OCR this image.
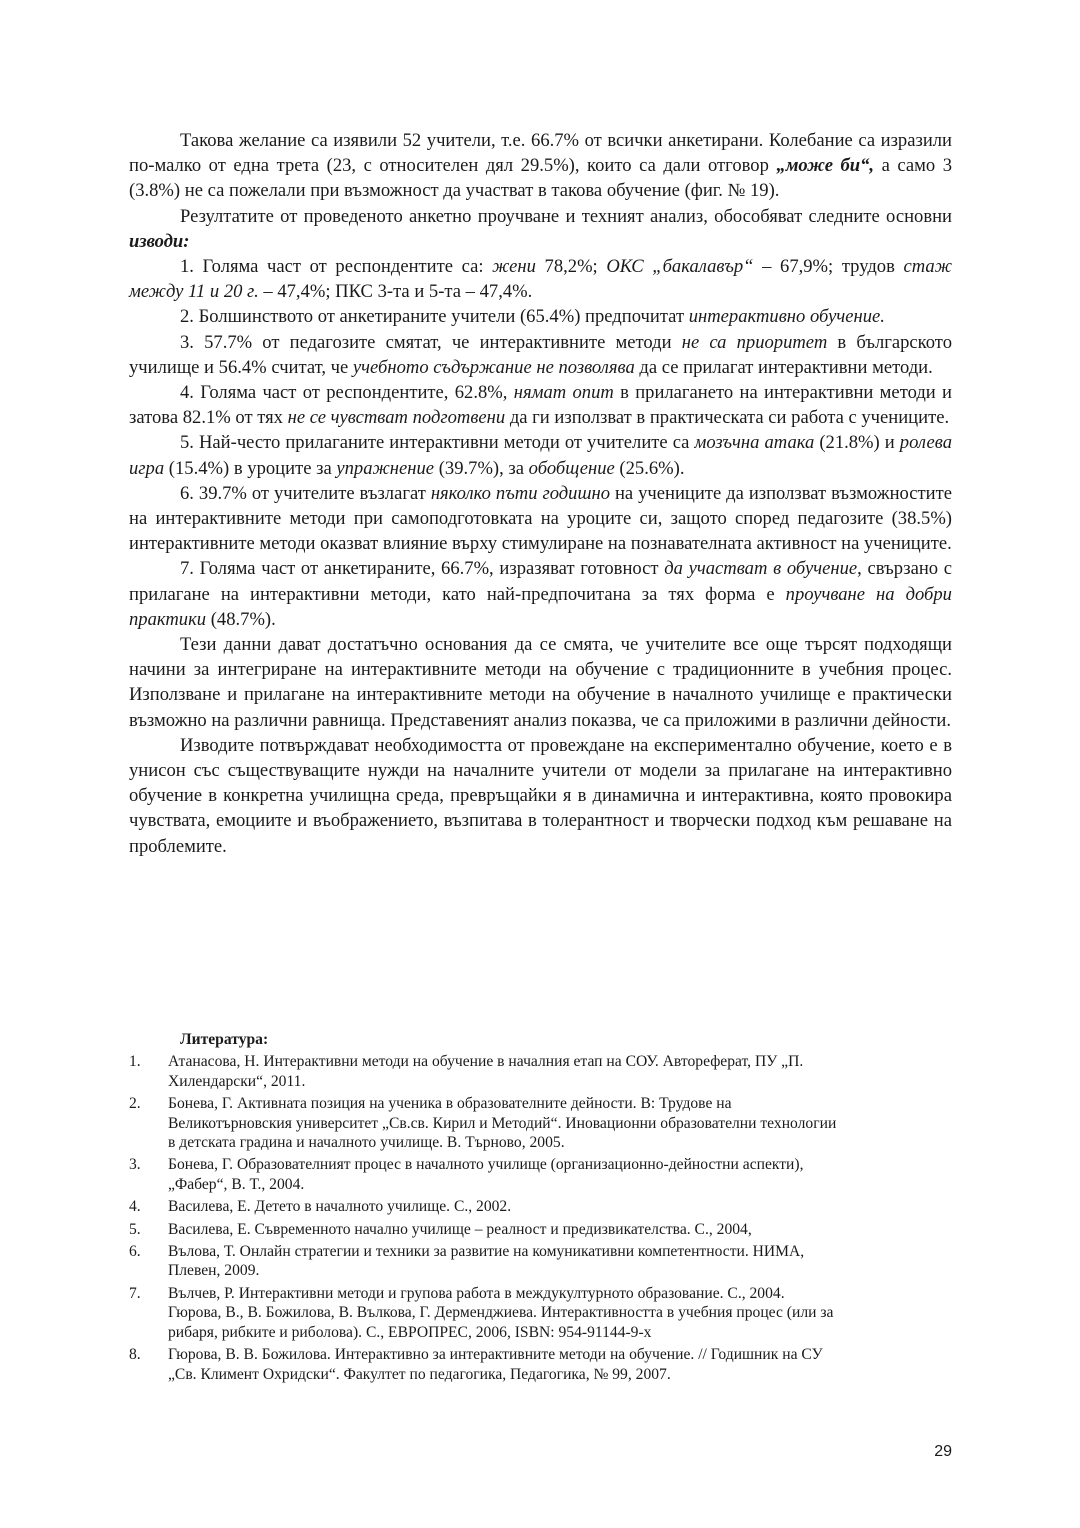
Такова желание са изявили 52 учители, т.е. 66.7% от всички анкетирани. Колебание са изразили по-малко от една трета (23, с относителен дял 29.5%), които са дали отговор „може би“, а само 3 (3.8%) не са пожелали при възможност да участват в такова обучение (фиг. № 19).

Резултатите от проведеното анкетно проучване и техният анализ, обособяват следните основни изводи:

1. Голяма част от респондентите са: жени 78,2%; ОКС „бакалавър“ – 67,9%; трудов стаж между 11 и 20 г. – 47,4%; ПКС 3-та и 5-та – 47,4%.

2. Болшинството от анкетираните учители (65.4%) предпочитат интерактивно обучение.

3. 57.7% от педагозите смятат, че интерактивните методи не са приоритет в българското училище и 56.4% считат, че учебното съдържание не позволява да се прилагат интерактивни методи.

4. Голяма част от респондентите, 62.8%, нямат опит в прилагането на интерактивни методи и затова 82.1% от тях не се чувстват подготвени да ги използват в практическата си работа с учениците.

5. Най-често прилаганите интерактивни методи от учителите са мозъчна атака (21.8%) и ролева игра (15.4%) в уроците за упражнение (39.7%), за обобщение (25.6%).

6. 39.7% от учителите възлагат няколко пъти годишно на учениците да използват възможностите на интерактивните методи при самоподготовката на уроците си, защото според педагозите (38.5%) интерактивните методи оказват влияние върху стимулиране на познавателната активност на учениците.

7. Голяма част от анкетираните, 66.7%, изразяват готовност да участват в обучение, свързано с прилагане на интерактивни методи, като най-предпочитана за тях форма е проучване на добри практики (48.7%).

Тези данни дават достатъчно основания да се смята, че учителите все още търсят подходящи начини за интегриране на интерактивните методи на обучение с традиционните в учебния процес. Използване и прилагане на интерактивните методи на обучение в началното училище е практически възможно на различни равнища. Представеният анализ показва, че са приложими в различни дейности.

Изводите потвърждават необходимостта от провеждане на експериментално обучение, което е в унисон със съществуващите нужди на началните учители от модели за прилагане на интерактивно обучение в конкретна училищна среда, превръщайки я в динамична и интерактивна, която провокира чувствата, емоциите и въображението, възпитава в толерантност и творчески подход към решаване на проблемите.

Литература:
1.	Атанасова, Н. Интерактивни методи на обучение в началния етап на СОУ. Автореферат, ПУ „П.
Хилендарски“, 2011.
2.	Бонева, Г. Активната позиция на ученика в образователните дейности. В: Трудове на
Великотърновския университет „Св.св. Кирил и Методий“. Иновационни образователни технологии
в детската градина и началното училище. В. Търново, 2005.
3.	Бонева, Г. Образователният процес в началното училище (организационно-дейностни аспекти),
„Фабер“, В. Т., 2004.
4.	Василева, Е. Детето в началното училище. С., 2002.
5.	Василева, Е. Съвременното начално училище – реалност и предизвикателства. С., 2004,
6.	Вълова, Т. Онлайн стратегии и техники за развитие на комуникативни компетентности. НИМА,
Плевен, 2009.
7.	Вълчев, Р. Интерактивни методи и групова работа в междукултурното образование. С., 2004.
Гюрова, В., В. Божилова, В. Вълкова, Г. Дерменджиева. Интерактивността в учебния процес (или за
рибаря, рибките и риболова). С., ЕВРОПРЕС, 2006, ISBN: 954-91144-9-х
8.	Гюрова, В. В. Божилова. Интерактивно за интерактивните методи на обучение. // Годишник на СУ
„Св. Климент Охридски“. Факултет по педагогика, Педагогика, № 99, 2007.
29
